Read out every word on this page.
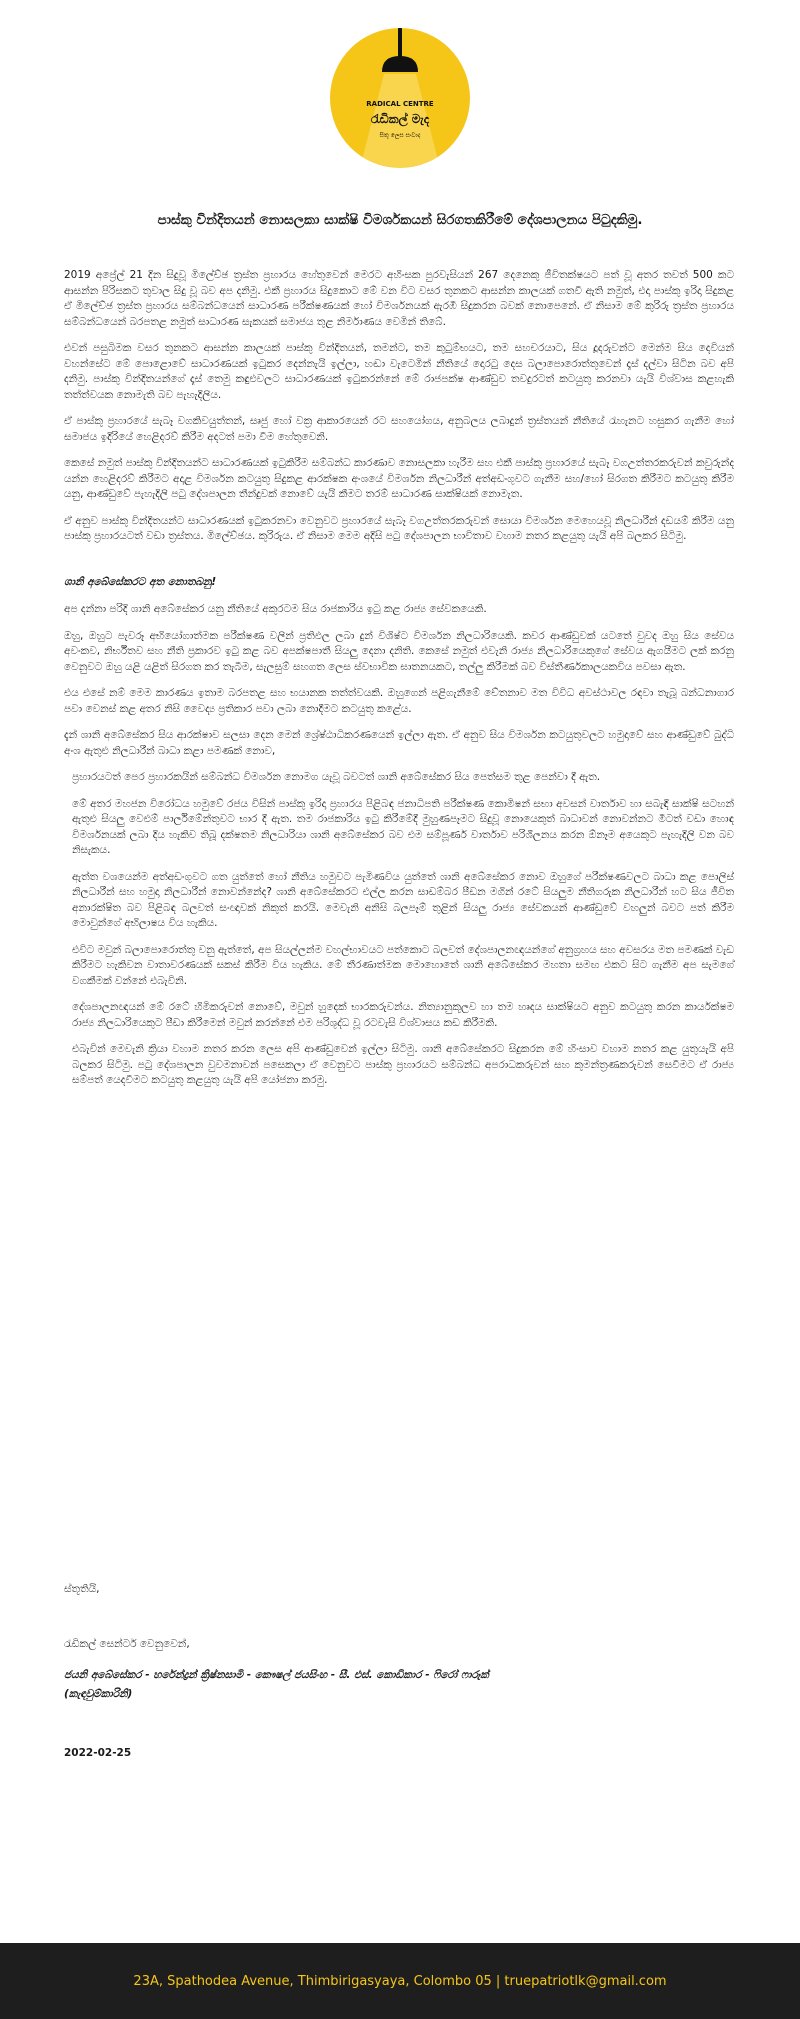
RADICAL CENTRE
රැඩිකල් මැද
සිතූ ලෙස සංවාද
පාස්කු වින්දිතයන් නොසලකා සාක්ෂි විමර්ශකයන් සිරගතකිරීමේ දේශපාලනය පිටුදකිමු.

2019 අප්‍රේල් 21 දින සිදුවූ මිලේච්ඡ ත්‍රස්ත ප්‍රහාරය හේතුවෙන් මෙරට අහිංසක පුරවැසියන් 267 දෙනෙකු ජීවිතක්ෂයට පත් වූ අතර තවත් 500 කට ආසන්න පිරිසකට තුවාල සිදු වූ බව අප දනිමු. එකී ප්‍රහාරය සිදුකොට මේ වන විට වසර තුනකට ආසන්න කාලයක් ගතවී ඇති නමුත්, එදා පාස්කු ඉරිදා සිදුකළ ඒ මිලේච්ඡ ත්‍රස්ත ප්‍රහාරය සම්බන්ධයෙන් සාධාරණ පරීක්ෂණයක් හෝ විමර්ශනයක් ඇරඹී සිදුකරන බවක් නොපෙනේ. ඒ නිසාම මේ කුරිරු ත්‍රස්ත ප්‍රහාරය සම්බන්ධයෙන් බරපතළ නමුත් සාධාරණ සැකයක් සමාජය තුළ නිර්මාණය වෙමින් තිබේ.

එවන් පසුබිමක වසර තුනකට ආසන්න කාලයක් පාස්කු වින්දිතයන්, තමන්ට, තම කුටුම්භයට, තම සහචරයාට, සිය දූදරුවන්ට මෙන්ම සිය දෙවියන් වහන්සේට මේ පොළොවේ සාධාරණයක් ඉටුකර දෙන්නැයි ඉල්ලා, හඬා වැටෙමින් නීතියේ දොරටු දෙස බලාපොරොත්තුවෙන් දෑස් දල්වා සිටින බව අපි දනිමු. පාස්කු වින්දිතයන්ගේ දෑස් තෙමු කඳුළුවලට සාධාරණයක් ඉටුකරන්නේ මේ රාජපක්ෂ ආණ්ඩුව තවදුරටත් කටයුතු කරනවා යැයි විශ්වාස කළහැකි තත්ත්වයක නොමැති බව පැහැදිලිය.

ඒ පාස්කු ප්‍රහාරයේ සැබෑ වගකිවයුත්තන්, සෘජු හෝ වක්‍ර ආකාරයෙන් රට සහයෝගය, අනුබලය ලබාදුන් ත්‍රස්තයන් නීතියේ රැහැනට හසුකර ගැනීම හෝ සමාජය ඉදිරියේ හෙළිදරව් කිරීම අදටත් පමා වීම හේතුවෙනි.

කෙසේ නමුත් පාස්කු වින්දිතයන්ට සාධාරණයක් ඉටුකිරීම සම්බන්ධ කාරණාව නොසලකා හැරීම සහ එකී පාස්කු ප්‍රහාරයේ සැබෑ වගඋත්තරකරුවන් කවුරුන්ද යන්න හෙළිදරව් කිරීමට අදාළ විමර්ශන කටයුතු සිදුකළ ආරක්ෂක අංශයේ විමර්ශන නිලධාරීන් අත්අඩංගුවට ගැනීම සහ/හෝ සිරගත කිරීමට කටයුතු කිරීම යනු, ආණ්ඩුවේ පැහැදිලි පටු දේශපාලන තීන්දුවක් නොවේ යැයි කීමට තරම් සාධාරණ සාක්ෂියක් නොමැත.

ඒ අනුව පාස්කු වින්දිතයන්ට සාධාරණයක් ඉටුකරනවා වෙනුවට ප්‍රහාරයේ සැබෑ වගඋත්තරකරුවන් සොයා විමර්ශන මෙහෙයවූ නිලධාරීන් දඩයම් කිරීම යනු පාස්කු ප්‍රහාරයටත් වඩා ත්‍රස්තය. මිලේච්ඡය. කුරිරුය. ඒ නිසාම මෙම අදිසි පටු දේශපාලන භාවිතාව වහාම නතර කළයුතු යැයි අපි බලකර සිටිමු.

ශානි අබේසේකරට අත නොතබනු!

අප දන්නා පරිදි ශානි අබේසේකර යනු නීතියේ අකුරටම සිය රාජකාරිය ඉටු කළ රාජ්‍ය සේවකයෙකි.

ඔහු, ඔහුට පැවරූ අභියෝගාත්මක පරීක්ෂණ වලින් ප්‍රතිඵල ලබා දුන් විශිෂ්ට විමර්ශන නිලධාරියෙකි. කවර ආණ්ඩුවක් යටතේ වුවද ඔහු සිය සේවය අවංකව, නිර්භීතව සහ නීති ප්‍රකාරව ඉටු කළ බව අපක්ෂපාතී සියලු දෙනා දනිති. කෙසේ නමුත් එවැනි රාජ්‍ය නිලධාරියෙකුගේ සේවය ඇගයීමට ලක් කරනු වෙනුවට ඔහු යළි යළිත් සිරගත කර තැබීම, සැලසුම් සහගත ලෙස ස්වභාවික ඝාතනයකට, තල්ලු කිරීමක් බව විස්තීර්ණකාලයකවිය පවසා ඇත.

එය එසේ නම් මෙම කාරණය ඉතාම බරපතළ සහ භයානක තත්ත්වයකි. ඔහුගෙන් පළිගැනීමේ චේතනාව මත විවිධ අවස්ථාවල රඳවා තැබූ බන්ධනාගාර පවා වෙනස් කළ අතර නිසි වෛද්‍ය ප්‍රතිකාර පවා ලබා නොදීමට කටයුතු කළේය.

දැන් ශානි අබේසේකර සිය ආරක්ෂාව සලසා දෙන මෙන් ශ්‍රේෂ්ඨාධිකරණයෙන් ඉල්ලා ඇත. ඒ අනුව සිය විමර්ශන කටයුතුවලට හමුදාවේ සහ ආණ්ඩුවේ බුද්ධි අංශ ඇතුළු නිලධාරීන් බාධා කළා පමණක් නොව,

ප්‍රහාරයටත් පෙර ප්‍රහාරකයින් සම්බන්ධ විමර්ශන නොමග යැවූ බවටත් ශානි අබේසේකර සිය පෙත්සම තුළ පෙන්වා දී ඇත.

මේ අතර මහජන විරෝධය හමුවේ රජය විසින් පාස්කු ඉරිදා ප්‍රහාරය පිළිබඳ ජනාධිපති පරීක්ෂණ කොමිෂන් සභා අවසන් වාර්තාව හා සබැඳි සාක්ෂි සටහන් ඇතුළු සියලු වෙළුම් පාර්ලිමේන්තුවට භාර දී ඇත. තම රාජකාරිය ඉටු කිරීමේදී මුහුණපෑමට සිදුවූ නොයෙකුත් බාධාවන් නොවන්නට මීටත් වඩා හොඳ විමර්ශනයක් ලබා දිය හැකිව තිබූ දක්ෂතම නිලධාරියා ශානි අබේසේකර බව එම සම්පූර්ණ වාර්තාව පරිශීලනය කරන ඕනෑම අයෙකුට පැහැදිලි වන බව නිසැකය.

ඇත්ත වශයෙන්ම අත්අඩංගුවට ගත යුත්තේ හෝ නීතිය හමුවට පැමිණවිය යුත්තේ ශානි අබේසේකර නොව ඔහුගේ පරීක්ෂණවලට බාධා කළ පොලිස් නිලධාරීන් සහ හමුදා නිලධාරීන් නොවන්නේද? ශානි අබේසේකරට එල්ල කරන සාඩම්බර පීඩන මගින් රටේ සියලුම නීතිගරුක නිලධාරීන් හට සිය ජීවිත අනාරක්ෂිත බව පිළිබඳ බලවත් සංඥාවක් නිකුත් කරයි. මෙවැනි අනිසි බලපෑම් තුළින් සියලු රාජ්‍ය සේවකයන් ආණ්ඩුවේ වහලුන් බවට පත් කිරීම මොවුන්ගේ අභිලාෂය විය හැකිය.

එවිට මවුන් බලාපොරොත්තු වනු ඇත්තේ, අප සියල්ලන්ම වහල්භාවයට පත්කොට බලවත් දේශපාලනඥයන්ගේ අනුග්‍රහය සහ අවසරය මත පමණක් වැඩ කිරීමට හැකිවන වාතාවරණයක් සකස් කිරීම විය හැකිය. මේ තීරණාත්මක මොහොතේ ශානි අබේසේකර මහතා සමඟ එකට සිට ගැනීම අප සැමගේ වගකීමක් වන්නේ එබැවිනි.

දේශපාලනඥයන් මේ රටේ හිමිකරුවන් නොවේ, මවුන් හුදෙක් භාරකරුවන්ය. නිත්‍යානුකූලව හා තම හෘදය සාක්ෂියට අනුව කටයුතු කරන කාර්යක්ෂම රාජ්‍ය නිලධාරියෙකුට පීඩා කිරීමෙන් මවුන් කරන්නේ එම පරිශුද්ධ වූ රටවැසි විශ්වාසය කඩ කිරීමකි.

එබැවින් මෙවැනි ක්‍රියා වහාම නතර කරන ලෙස අපි ආණ්ඩුවෙන් ඉල්ලා සිටිමු. ශානි අබේසේකරට සිදුකරන මේ හිංසාව වහාම නතර කළ යුතුයැයි අපි බලකර සිටිමු. පටු දේශපාලන වුවමනාවන් පසෙකලා ඒ වෙනුවට පාස්කු ප්‍රහාරයට සම්බන්ධ අපරාධකරුවන් සහ කුමන්ත්‍රණකරුවන් සෙවීමට ඒ රාජ්‍ය සම්පත් යෙදවීමට කටයුතු කළයුතු යැයි අපි යෝජනා කරමු.

ස්තූතියි,

රැඩිකල් සෙන්ටර් වෙනුවෙන්,

ජයනි අබේසේකර - හරේන්ද්‍රන් ක්‍රිෂ්නසාමි - කෞෂල් ජයසිංහ - සී. එස්. කොඩිකාර - ෆිරෝ ෆාරූක්

(කැඳවුම්කාරිනි)

2022-02-25

23A, Spathodea Avenue, Thimbirigasyaya, Colombo 05 | truepatriotlk@gmail.com
